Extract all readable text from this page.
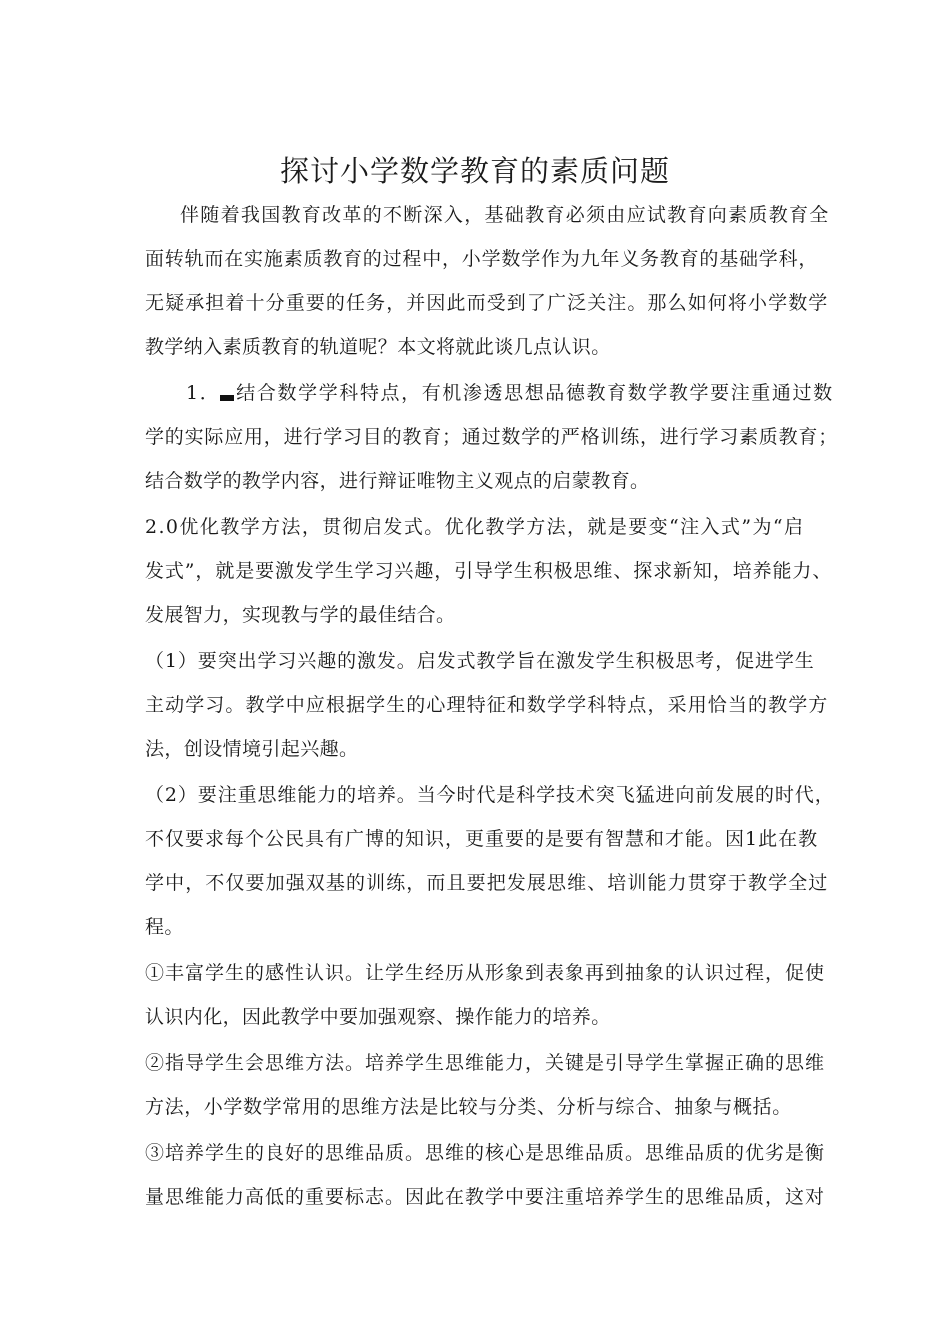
探讨小学数学教育的素质问题
伴随着我国教育改革的不断深入，基础教育必须由应试教育向素质教育全
面转轨而在实施素质教育的过程中，小学数学作为九年义务教育的基础学科，
无疑承担着十分重要的任务，并因此而受到了广泛关注。那么如何将小学数学
教学纳入素质教育的轨道呢？本文将就此谈几点认识。
1． 结合数学学科特点，有机渗透思想品德教育数学教学要注重通过数
学的实际应用，进行学习目的教育；通过数学的严格训练，进行学习素质教育；
结合数学的教学内容，进行辩证唯物主义观点的启蒙教育。
2.0优化教学方法，贯彻启发式。优化教学方法，就是要变“注入式”为“启
发式”，就是要激发学生学习兴趣，引导学生积极思维、探求新知，培养能力、
发展智力，实现教与学的最佳结合。
（1）要突出学习兴趣的激发。启发式教学旨在激发学生积极思考，促进学生
主动学习。教学中应根据学生的心理特征和数学学科特点，采用恰当的教学方
法，创设情境引起兴趣。
（2）要注重思维能力的培养。当今时代是科学技术突飞猛进向前发展的时代，
不仅要求每个公民具有广博的知识，更重要的是要有智慧和才能。因1此在教
学中，不仅要加强双基的训练，而且要把发展思维、培训能力贯穿于教学全过
程。
①丰富学生的感性认识。让学生经历从形象到表象再到抽象的认识过程，促使
认识内化，因此教学中要加强观察、操作能力的培养。
②指导学生会思维方法。培养学生思维能力，关键是引导学生掌握正确的思维
方法，小学数学常用的思维方法是比较与分类、分析与综合、抽象与概括。
③培养学生的良好的思维品质。思维的核心是思维品质。思维品质的优劣是衡
量思维能力高低的重要标志。因此在教学中要注重培养学生的思维品质，这对
